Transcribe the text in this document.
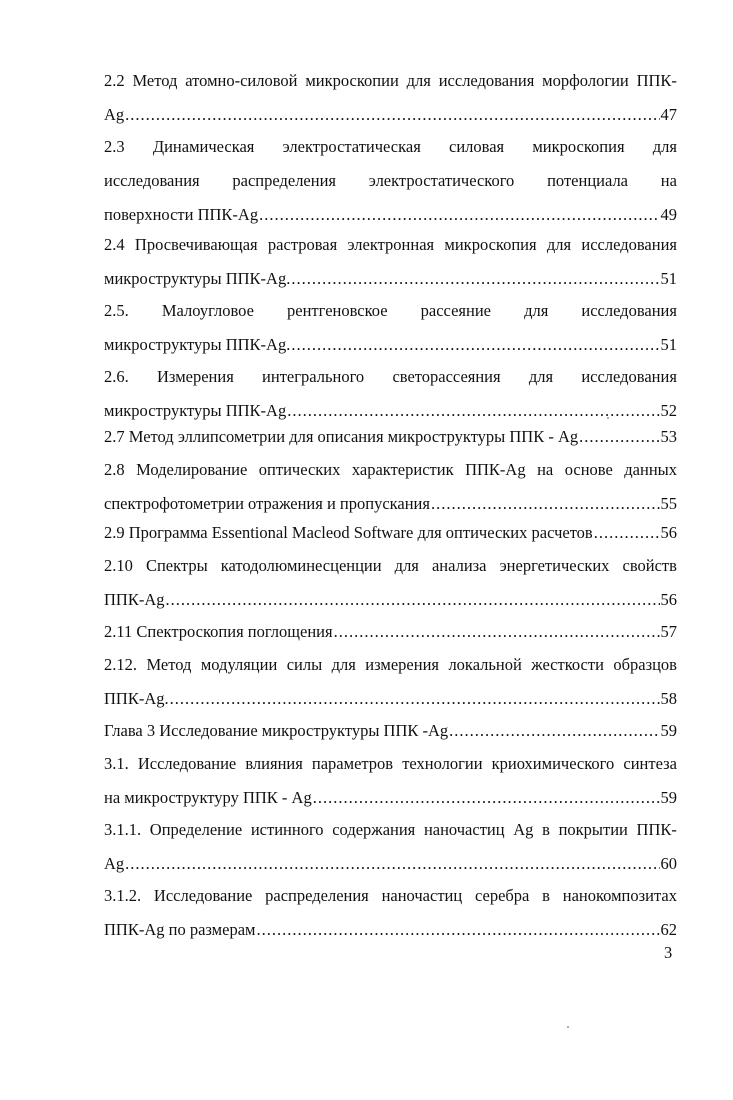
2.2 Метод атомно-силовой микроскопии для исследования морфологии ППК-
Ag .....	47
2.3 Динамическая электростатическая силовая микроскопия для
исследования распределения электростатического потенциала на
поверхности ППК-Ag .....	49
2.4 Просвечивающая растровая электронная микроскопия для исследования
микроструктуры ППК-Ag. .....	51
2.5. Малоугловое рентгеновское рассеяние для исследования
микроструктуры ППК-Ag. .....	51
2.6. Измерения интегрального светорассеяния для исследования
микроструктуры ППК-Ag .....	52
2.7 Метод эллипсометрии для описания микроструктуры ППК - Ag .....	53
2.8 Моделирование оптических характеристик ППК-Ag на основе данных
спектрофотометрии отражения и пропускания .....	55
2.9 Программа Essentional Macleod Software для оптических расчетов .....	56
2.10 Спектры катодолюминесценции для анализа энергетических свойств
ППК-Ag .....	56
2.11 Спектроскопия поглощения .....	57
2.12. Метод модуляции силы для измерения локальной жесткости образцов
ППК-Ag. .....	58
Глава 3 Исследование микроструктуры ППК -Ag .....	59
3.1. Исследование влияния параметров технологии криохимического синтеза
на микроструктуру ППК - Ag .....	59
3.1.1. Определение истинного содержания наночастиц Ag в покрытии ППК-
Ag .....	60
3.1.2. Исследование распределения наночастиц серебра в нанокомпозитах
ППК-Ag по размерам .....	62
3
